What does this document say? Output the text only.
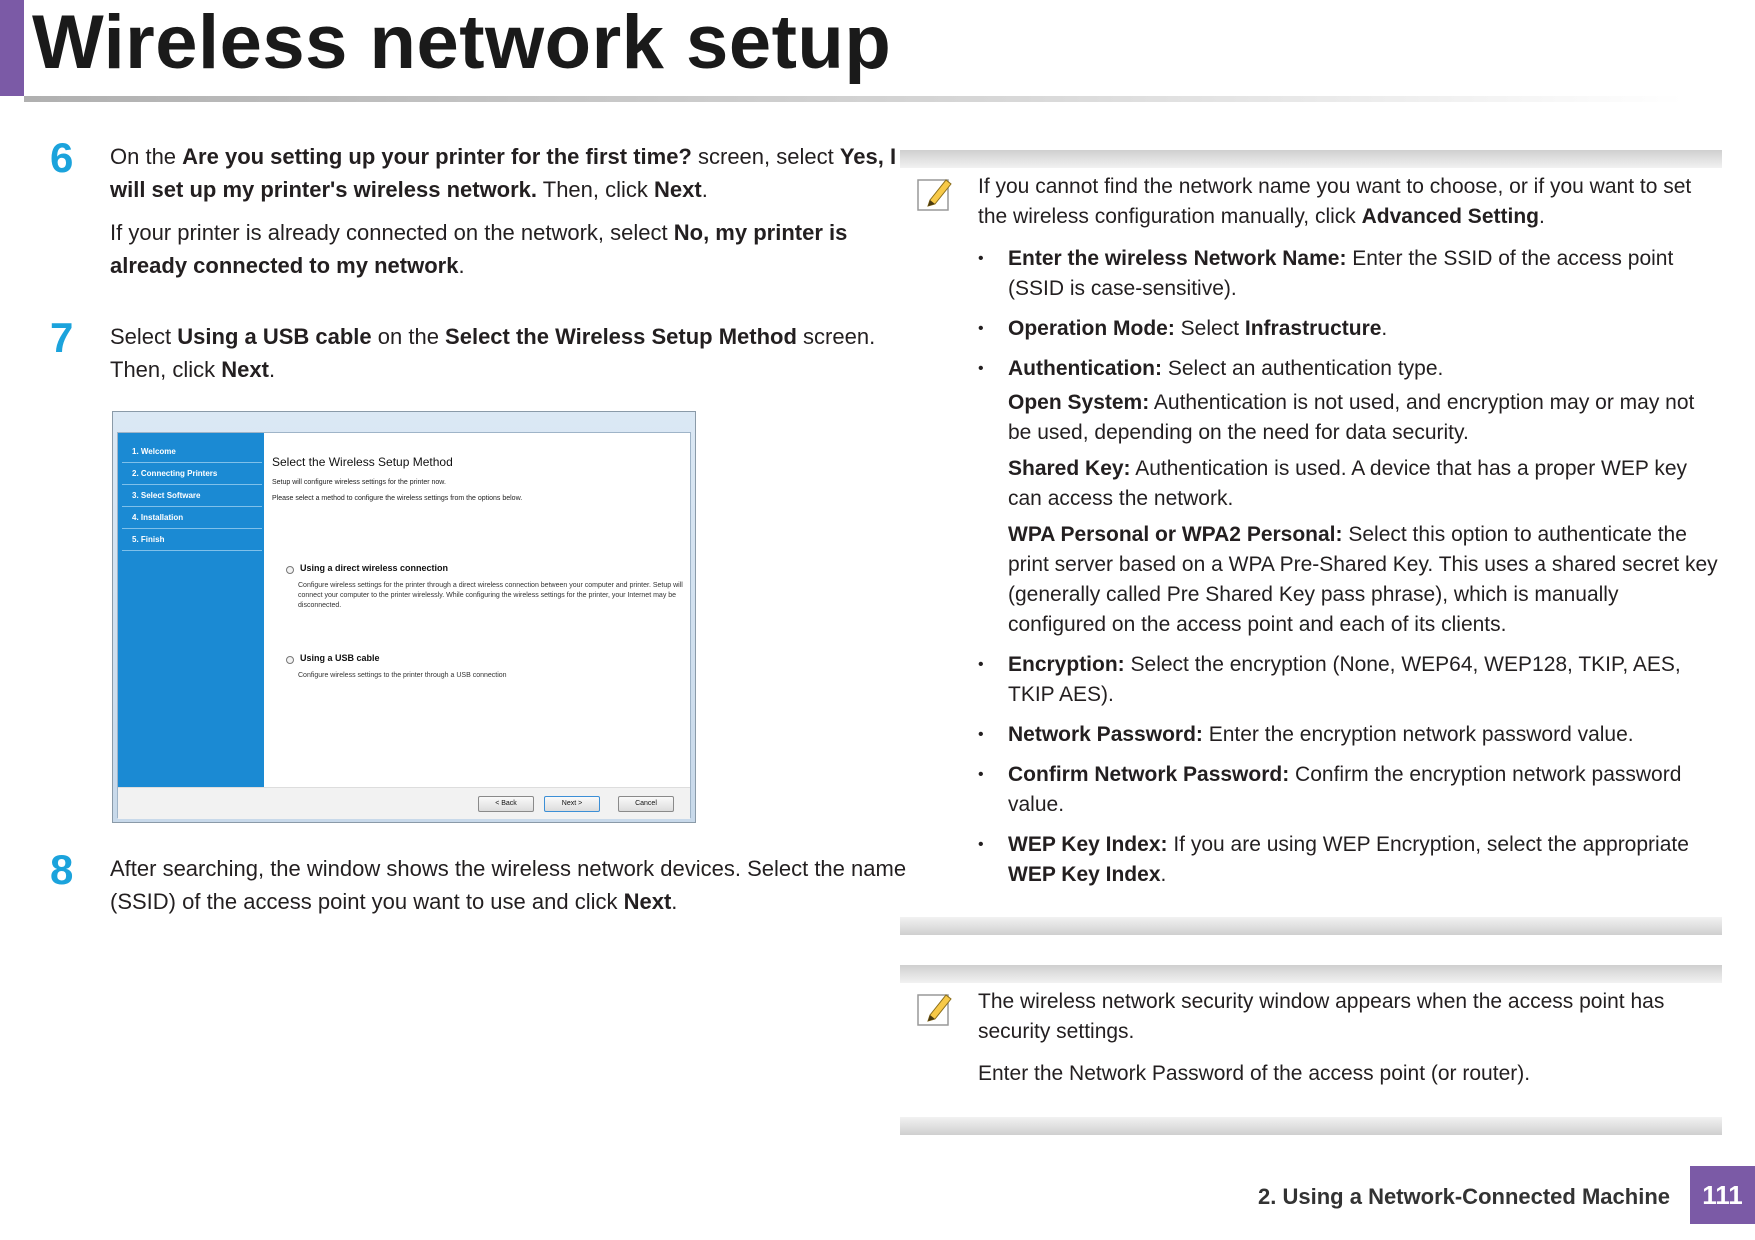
Wireless network setup
6 On the Are you setting up your printer for the first time? screen, select Yes, I will set up my printer's wireless network. Then, click Next.

If your printer is already connected on the network, select No, my printer is already connected to my network.

7 Select Using a USB cable on the Select the Wireless Setup Method screen. Then, click Next.

1. Welcome
2. Connecting Printers
3. Select Software
4. Installation
5. Finish
Select the Wireless Setup Method
Setup will configure wireless settings for the printer now.
Please select a method to configure the wireless settings from the options below.
Using a direct wireless connection
Configure wireless settings for the printer through a direct wireless connection between your computer and printer. Setup will connect your computer to the printer wirelessly. While configuring the wireless settings for the printer, your Internet may be disconnected.
Using a USB cable
Configure wireless settings to the printer through a USB connection
< Back	Next >	Cancel
8 After searching, the window shows the wireless network devices. Select the name (SSID) of the access point you want to use and click Next.

If you cannot find the network name you want to choose, or if you want to set the wireless configuration manually, click Advanced Setting.

• Enter the wireless Network Name: Enter the SSID of the access point (SSID is case-sensitive).
• Operation Mode: Select Infrastructure.
• Authentication: Select an authentication type.

Open System: Authentication is not used, and encryption may or may not be used, depending on the need for data security.

Shared Key: Authentication is used. A device that has a proper WEP key can access the network.

WPA Personal or WPA2 Personal: Select this option to authenticate the print server based on a WPA Pre-Shared Key. This uses a shared secret key (generally called Pre Shared Key pass phrase), which is manually configured on the access point and each of its clients.

• Encryption: Select the encryption (None, WEP64, WEP128, TKIP, AES, TKIP AES).
• Network Password: Enter the encryption network password value.
• Confirm Network Password: Confirm the encryption network password value.
• WEP Key Index: If you are using WEP Encryption, select the appropriate WEP Key Index.

The wireless network security window appears when the access point has security settings.

Enter the Network Password of the access point (or router).

2. Using a Network-Connected Machine	111
